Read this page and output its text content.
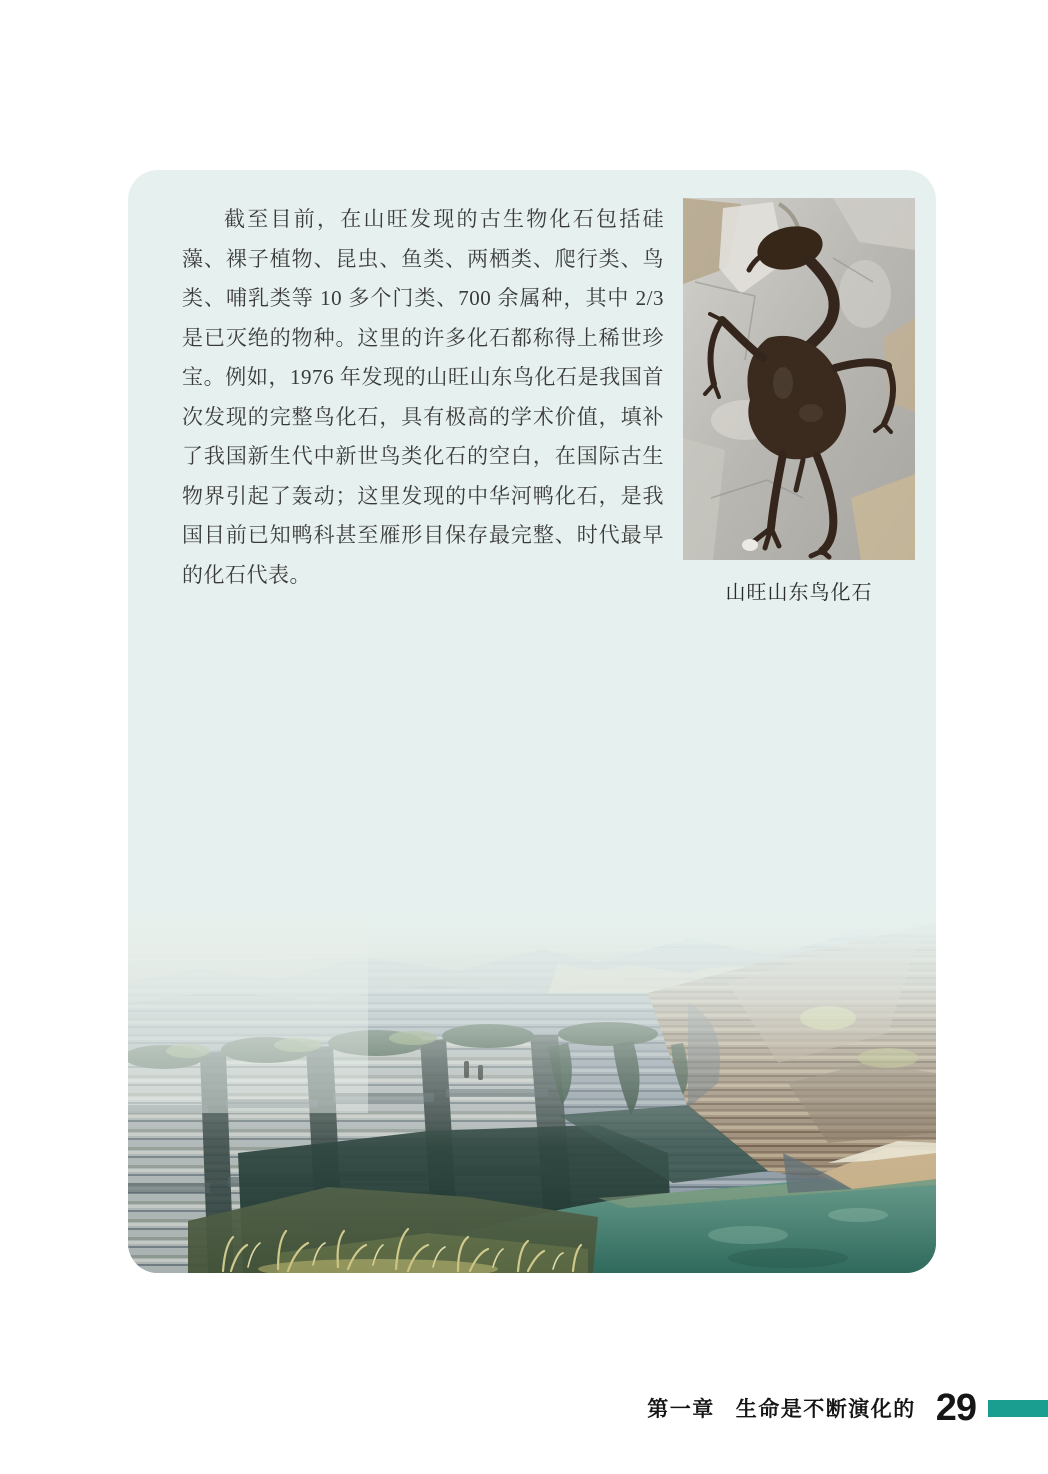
截至目前，在山旺发现的古生物化石包括硅藻、裸子植物、昆虫、鱼类、两栖类、爬行类、鸟类、哺乳类等 10 多个门类、700 余属种，其中 2/3 是已灭绝的物种。这里的许多化石都称得上稀世珍宝。例如，1976 年发现的山旺山东鸟化石是我国首次发现的完整鸟化石，具有极高的学术价值，填补了我国新生代中新世鸟类化石的空白，在国际古生物界引起了轰动；这里发现的中华河鸭化石，是我国目前已知鸭科甚至雁形目保存最完整、时代最早的化石代表。

山旺山东鸟化石
第一章 生命是不断演化的 29
